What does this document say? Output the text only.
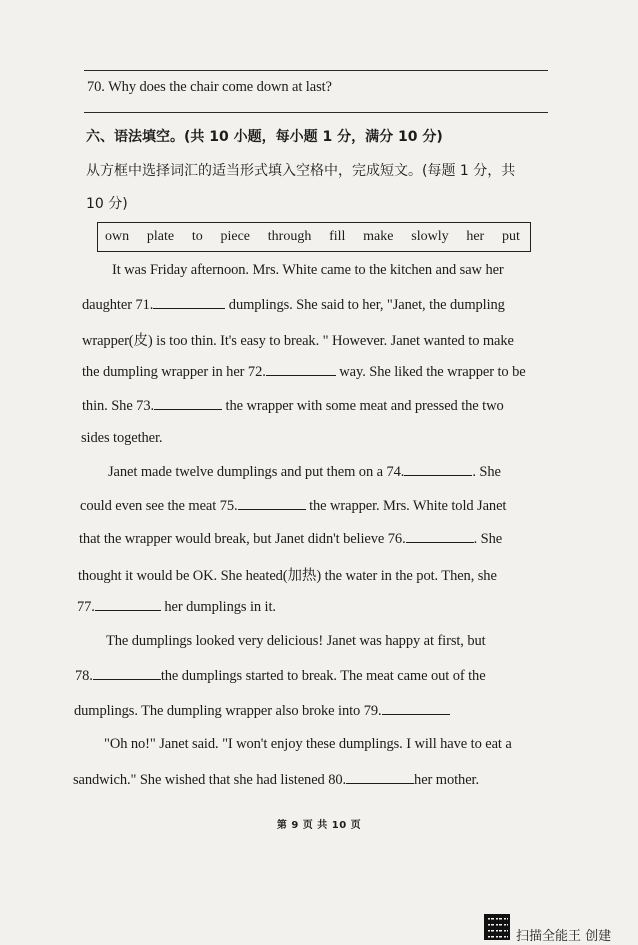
70. Why does the chair come down at last?
六、语法填空。(共 10 小题，每小题 1 分，满分 10 分)
从方框中选择词汇的适当形式填入空格中，完成短文。(每题 1 分，共
10 分)
own plate to piece through fill make slowly her put
It was Friday afternoon. Mrs. White came to the kitchen and saw her
daughter 71.	dumplings. She said to her, "Janet, the dumpling
wrapper(皮) is too thin. It's easy to break. " However. Janet wanted to make
the dumpling wrapper in her 72.	way. She liked the wrapper to be
thin. She 73.	the wrapper with some meat and pressed the two
sides together.
Janet made twelve dumplings and put them on a 74.	. She
could even see the meat 75.	the wrapper. Mrs. White told Janet
that the wrapper would break, but Janet didn't believe 76.	. She
thought it would be OK. She heated(加热) the water in the pot. Then, she
77.	her dumplings in it.
The dumplings looked very delicious! Janet was happy at first, but
78.	the dumplings started to break. The meat came out of the
dumplings. The dumpling wrapper also broke into 79.
"Oh no!" Janet said. "I won't enjoy these dumplings. I will have to eat a
sandwich." She wished that she had listened 80.	her mother.
第 9 页 共 10 页
扫描全能王 创建
